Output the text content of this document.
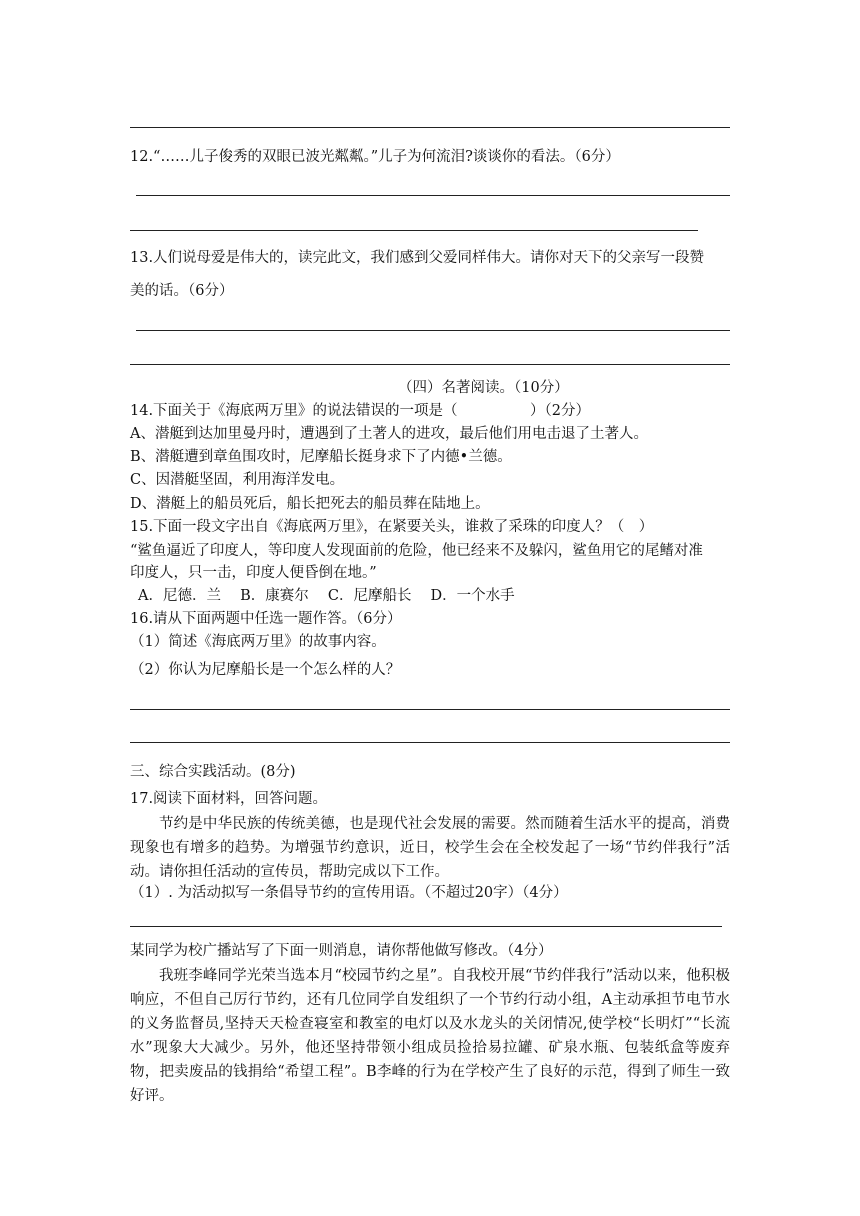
12.“……儿子俊秀的双眼已波光粼粼。”儿子为何流泪?谈谈你的看法。（6分）
13.人们说母爱是伟大的，读完此文，我们感到父爱同样伟大。请你对天下的父亲写一段赞
美的话。（6分）
（四）名著阅读。（10分）
14.下面关于《海底两万里》的说法错误的一项是（　　　　　）（2分）
A、潜艇到达加里曼丹时，遭遇到了土著人的进攻，最后他们用电击退了土著人。
B、潜艇遭到章鱼围攻时，尼摩船长挺身求下了内德•兰德。
C、因潜艇坚固，利用海洋发电。
D、潜艇上的船员死后，船长把死去的船员葬在陆地上。
15.下面一段文字出自《海底两万里》，在紧要关头，谁救了采珠的印度人？（　）
“鲨鱼逼近了印度人，等印度人发现面前的危险，他已经来不及躲闪，鲨鱼用它的尾鳍对准
印度人，只一击，印度人便昏倒在地。”
A．尼德．兰　 B．康赛尔　 C．尼摩船长　 D．一个水手
16.请从下面两题中任选一题作答。（6分）
（1）简述《海底两万里》的故事内容。
（2）你认为尼摩船长是一个怎么样的人？
三、综合实践活动。(8分)
17.阅读下面材料，回答问题。
节约是中华民族的传统美德，也是现代社会发展的需要。然而随着生活水平的提高，消费现象也有增多的趋势。为增强节约意识，近日，校学生会在全校发起了一场“节约伴我行”活动。请你担任活动的宣传员，帮助完成以下工作。
（1）. 为活动拟写一条倡导节约的宣传用语。（不超过20字）（4分）
某同学为校广播站写了下面一则消息，请你帮他做写修改。（4分）
我班李峰同学光荣当选本月“校园节约之星”。自我校开展“节约伴我行”活动以来，他积极响应，不但自己厉行节约，还有几位同学自发组织了一个节约行动小组，A主动承担节电节水的义务监督员,坚持天天检查寝室和教室的电灯以及水龙头的关闭情况,使学校“长明灯”“长流水”现象大大减少。另外，他还坚持带领小组成员捡拾易拉罐、矿泉水瓶、包装纸盒等废弃物，把卖废品的钱捐给“希望工程”。B李峰的行为在学校产生了良好的示范，得到了师生一致好评。
